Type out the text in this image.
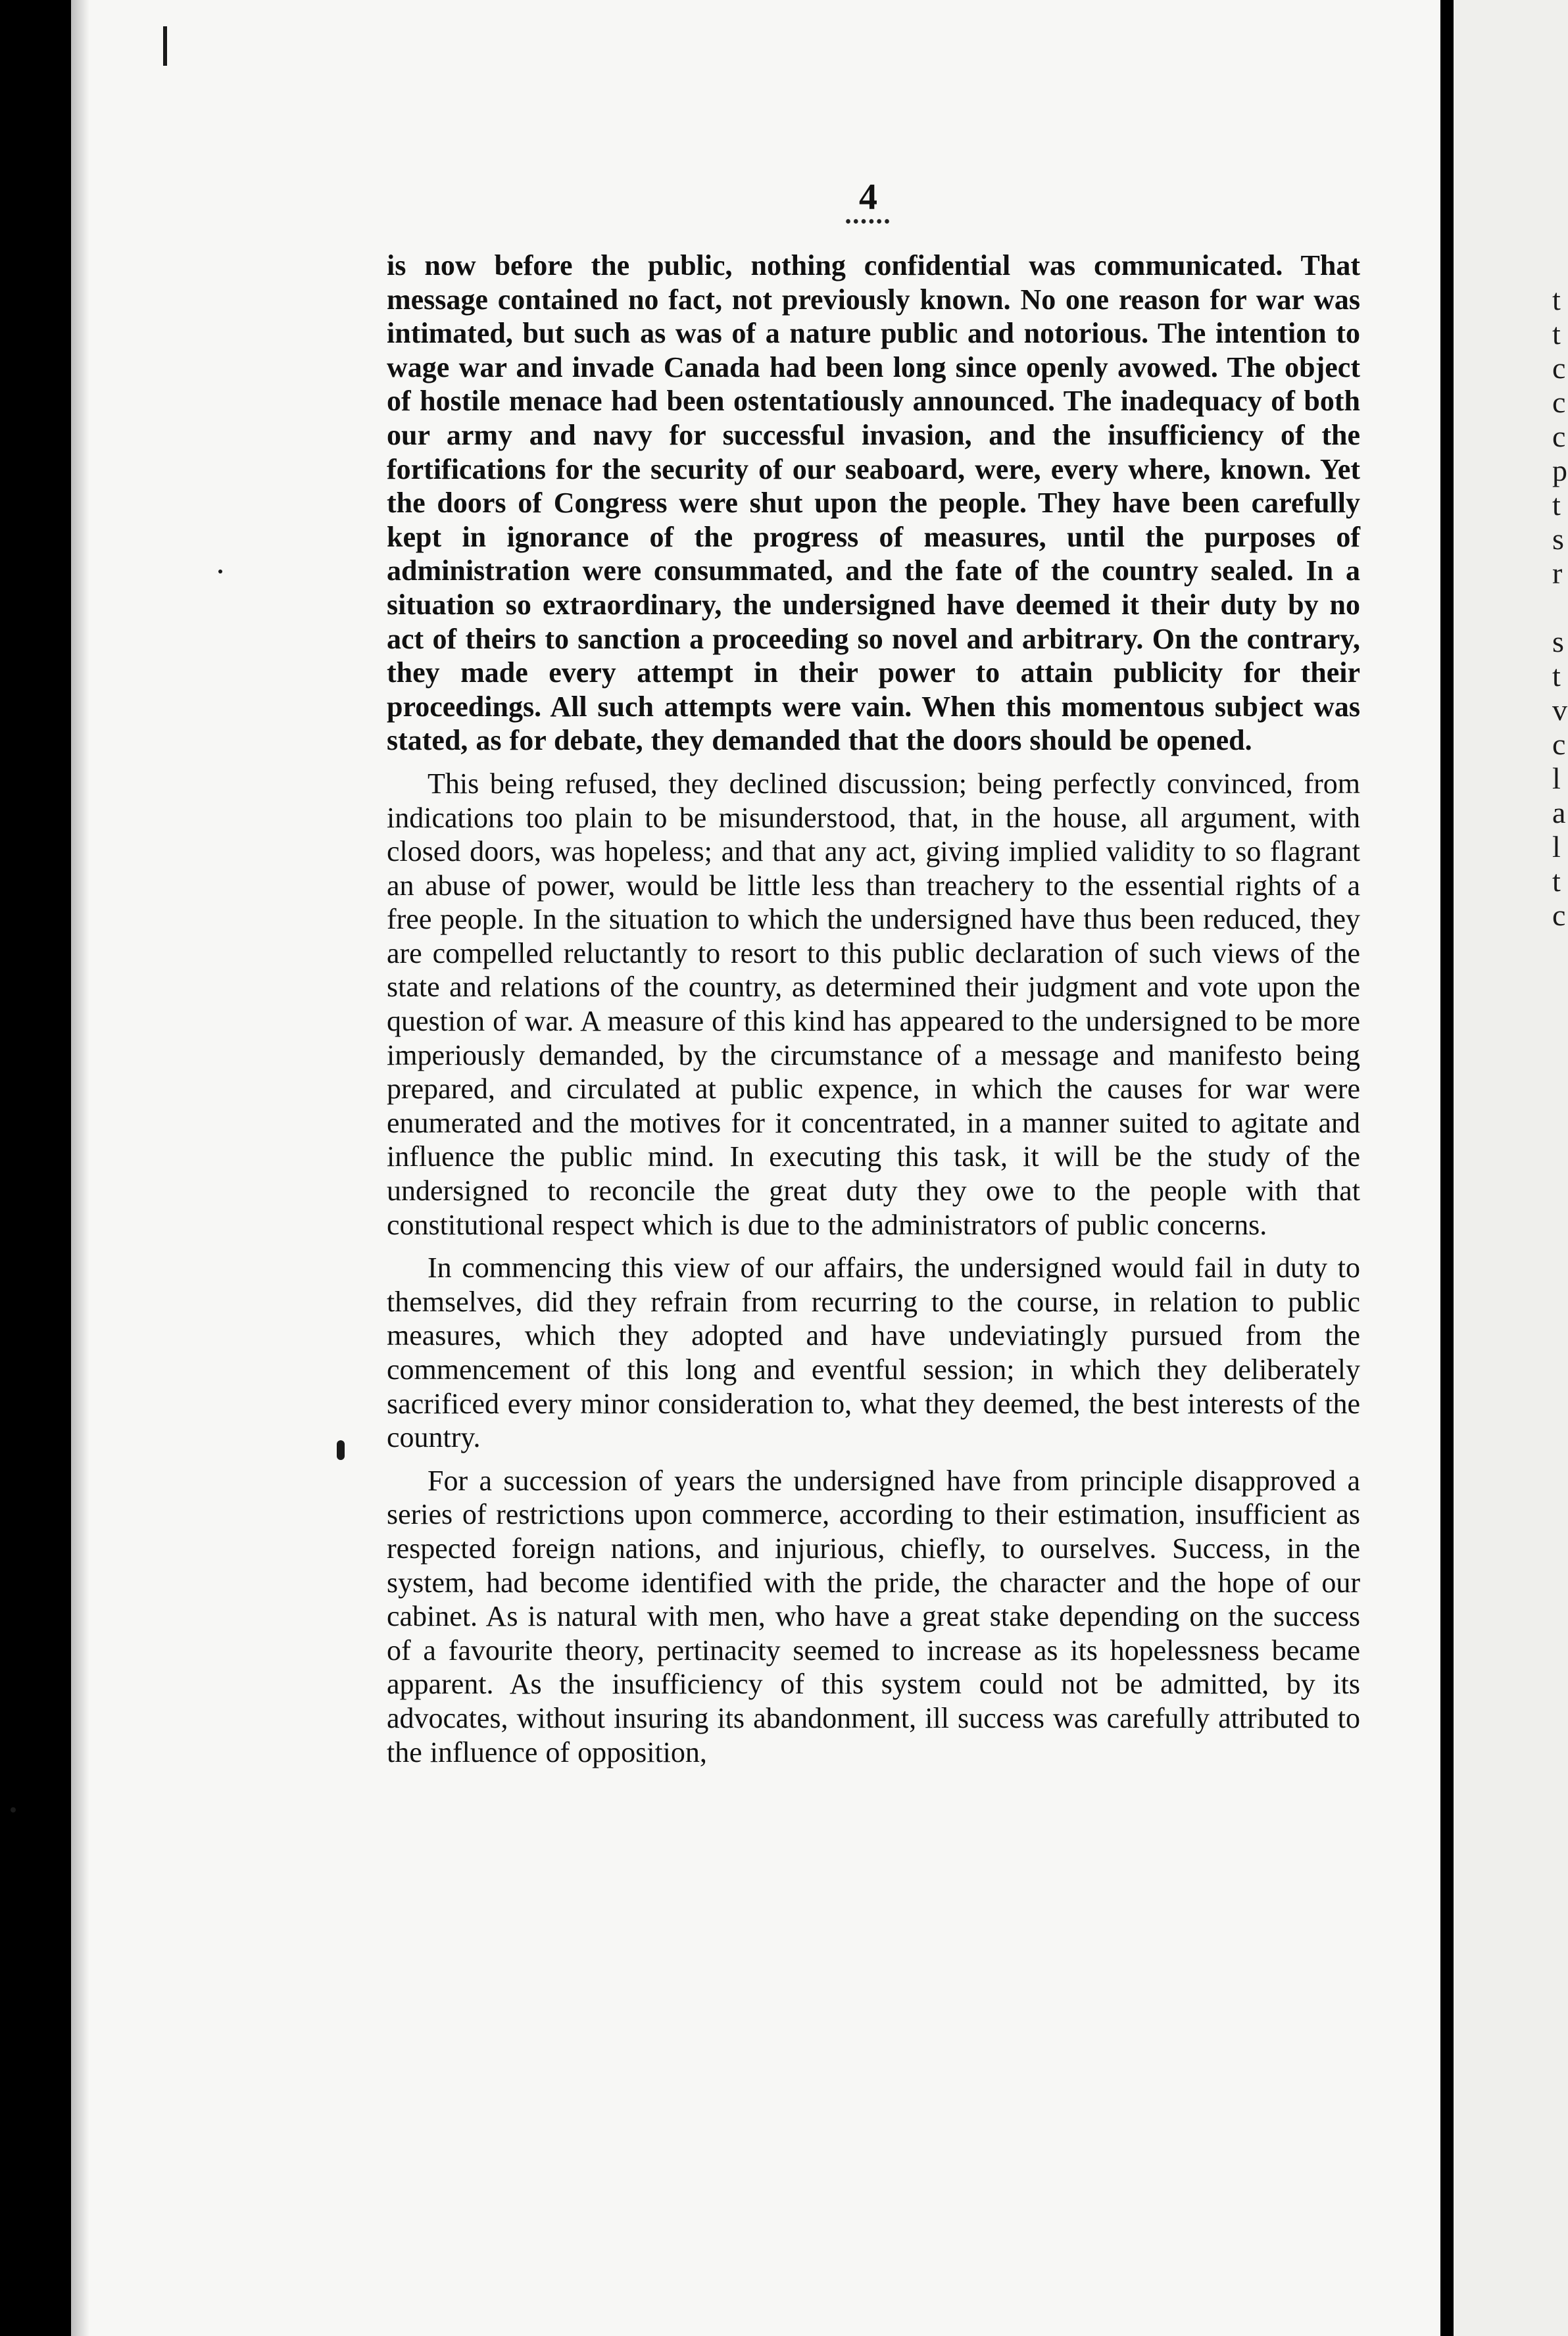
t
t
c
c
c
p
t
s
r

s
t
v
c
l
a
l
t
c
4
••••••

is now before the public, nothing confidential was communicated. That message contained no fact, not previously known. No one reason for war was intimated, but such as was of a nature public and notorious. The intention to wage war and invade Canada had been long since openly avowed. The object of hostile menace had been ostentatiously announced. The inadequacy of both our army and navy for successful invasion, and the insufficiency of the fortifications for the security of our seaboard, were, every where, known. Yet the doors of Congress were shut upon the people. They have been carefully kept in ignorance of the progress of measures, until the purposes of administration were consummated, and the fate of the country sealed. In a situation so extraordinary, the undersigned have deemed it their duty by no act of theirs to sanction a proceeding so novel and arbitrary. On the contrary, they made every attempt in their power to attain publicity for their proceedings. All such attempts were vain. When this momentous subject was stated, as for debate, they demanded that the doors should be opened.

This being refused, they declined discussion; being perfectly convinced, from indications too plain to be misunderstood, that, in the house, all argument, with closed doors, was hopeless; and that any act, giving implied validity to so flagrant an abuse of power, would be little less than treachery to the essential rights of a free people. In the situation to which the undersigned have thus been reduced, they are compelled reluctantly to resort to this public declaration of such views of the state and relations of the country, as determined their judgment and vote upon the question of war. A measure of this kind has appeared to the undersigned to be more imperiously demanded, by the circumstance of a message and manifesto being prepared, and circulated at public expence, in which the causes for war were enumerated and the motives for it concentrated, in a manner suited to agitate and influence the public mind. In executing this task, it will be the study of the undersigned to reconcile the great duty they owe to the people with that constitutional respect which is due to the administrators of public concerns.

In commencing this view of our affairs, the undersigned would fail in duty to themselves, did they refrain from recurring to the course, in relation to public measures, which they adopted and have undeviatingly pursued from the commencement of this long and eventful session; in which they deliberately sacrificed every minor consideration to, what they deemed, the best interests of the country.

For a succession of years the undersigned have from principle disapproved a series of restrictions upon commerce, according to their estimation, insufficient as respected foreign nations, and injurious, chiefly, to ourselves. Success, in the system, had become identified with the pride, the character and the hope of our cabinet. As is natural with men, who have a great stake depending on the success of a favourite theory, pertinacity seemed to increase as its hopelessness became apparent. As the insufficiency of this system could not be admitted, by its advocates, without insuring its abandonment, ill success was carefully attributed to the influence of opposition,
